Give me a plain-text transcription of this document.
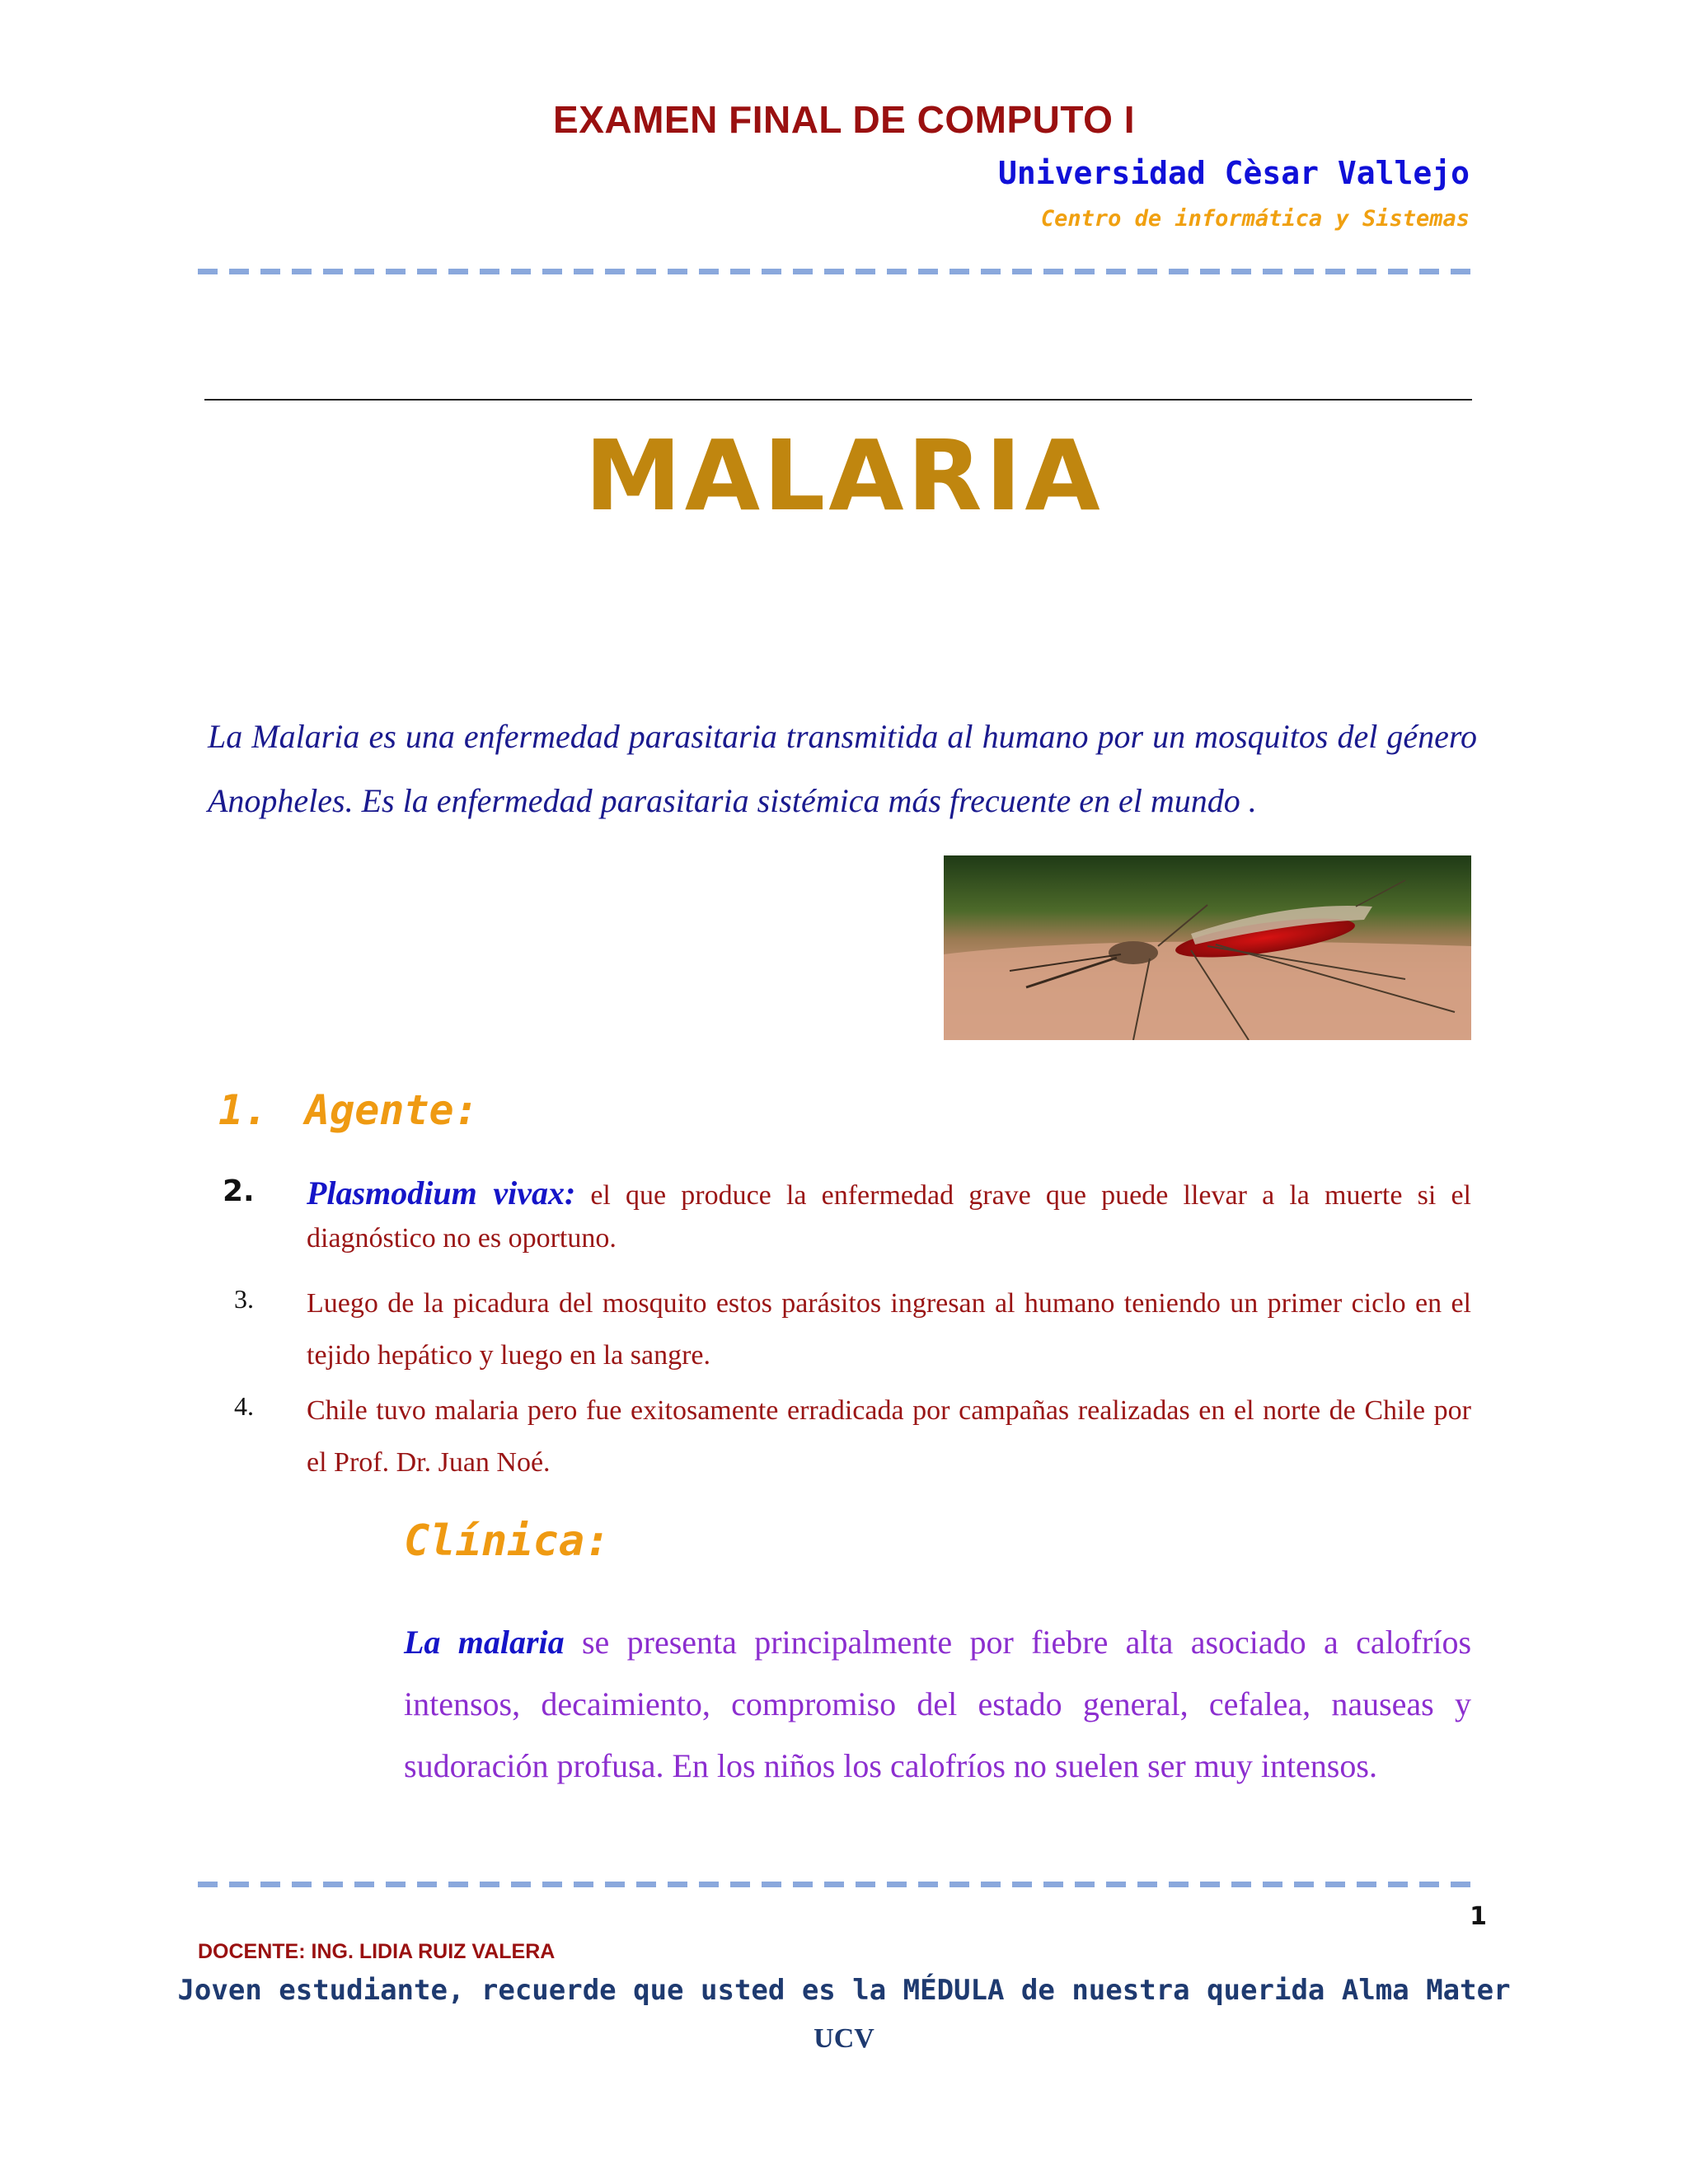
EXAMEN FINAL DE COMPUTO I
Universidad Cèsar Vallejo
Centro de informática y Sistemas
MALARIA

La Malaria es una enfermedad parasitaria transmitida al humano por un mosquitos del género Anopheles. Es la enfermedad parasitaria sistémica más frecuente en el mundo .

1. Agente:
2. Plasmodium vivax: el que produce la enfermedad grave que puede llevar a la muerte si el diagnóstico no es oportuno.

3. Luego de la picadura del mosquito estos parásitos ingresan al humano teniendo un primer ciclo en el tejido hepático y luego en la sangre.

4. Chile tuvo malaria pero fue exitosamente erradicada por campañas realizadas en el norte de Chile por el Prof. Dr. Juan Noé.

Clínica:

La malaria se presenta principalmente por fiebre alta asociado a calofríos intensos, decaimiento, compromiso del estado general, cefalea, nauseas y sudoración profusa. En los niños los calofríos no suelen ser muy intensos.

1
DOCENTE: ING. LIDIA RUIZ VALERA
Joven estudiante, recuerde que usted es la MÉDULA de nuestra querida Alma Mater
UCV
